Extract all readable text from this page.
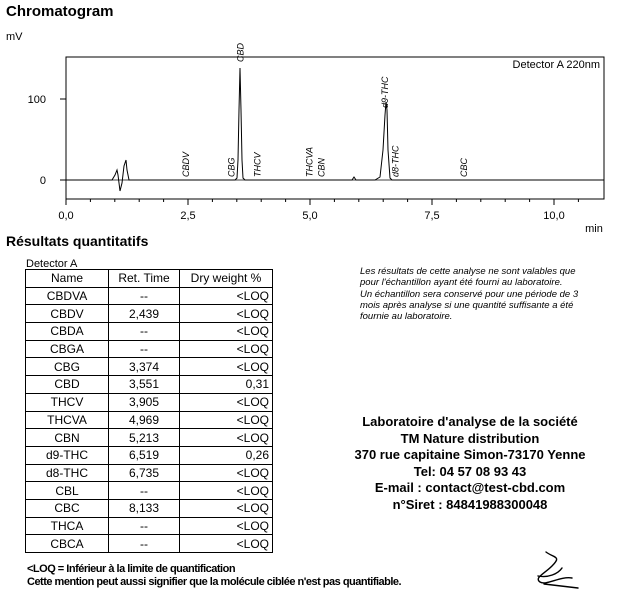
Chromatogram
mV
Detector A 220nm
0
100
0,0	2,5	5,0	7,5	10,0
min
CBDV	CBG
CBD
THCV	THCVA CBN
d9-THC
d8-THC	CBC
Résultats quantitatifs
Detector A
Name	Ret. Time	Dry weight %
CBDVA	--	<LOQ
CBDV	2,439	<LOQ
CBDA	--	<LOQ
CBGA	--	<LOQ
CBG	3,374	<LOQ
CBD	3,551	0,31
THCV	3,905	<LOQ
THCVA	4,969	<LOQ
CBN	5,213	<LOQ
d9-THC	6,519	0,26
d8-THC	6,735	<LOQ
CBL	--	<LOQ
CBC	8,133	<LOQ
THCA	--	<LOQ
CBCA	--	<LOQ

Les résultats de cette analyse ne sont valables que pour l'échantillon ayant été fourni au laboratoire.

Un échantillon sera conservé pour une période de 3 mois après analyse si une quantité suffisante a été fournie au laboratoire.

Laboratoire d'analyse de la société
TM Nature distribution
370 rue capitaine Simon-73170 Yenne
Tel: 04 57 08 93 43
E-mail : contact@test-cbd.com
n°Siret : 84841988300048
<LOQ = Inférieur à la limite de quantification
Cette mention peut aussi signifier que la molécule ciblée n'est pas quantifiable.
